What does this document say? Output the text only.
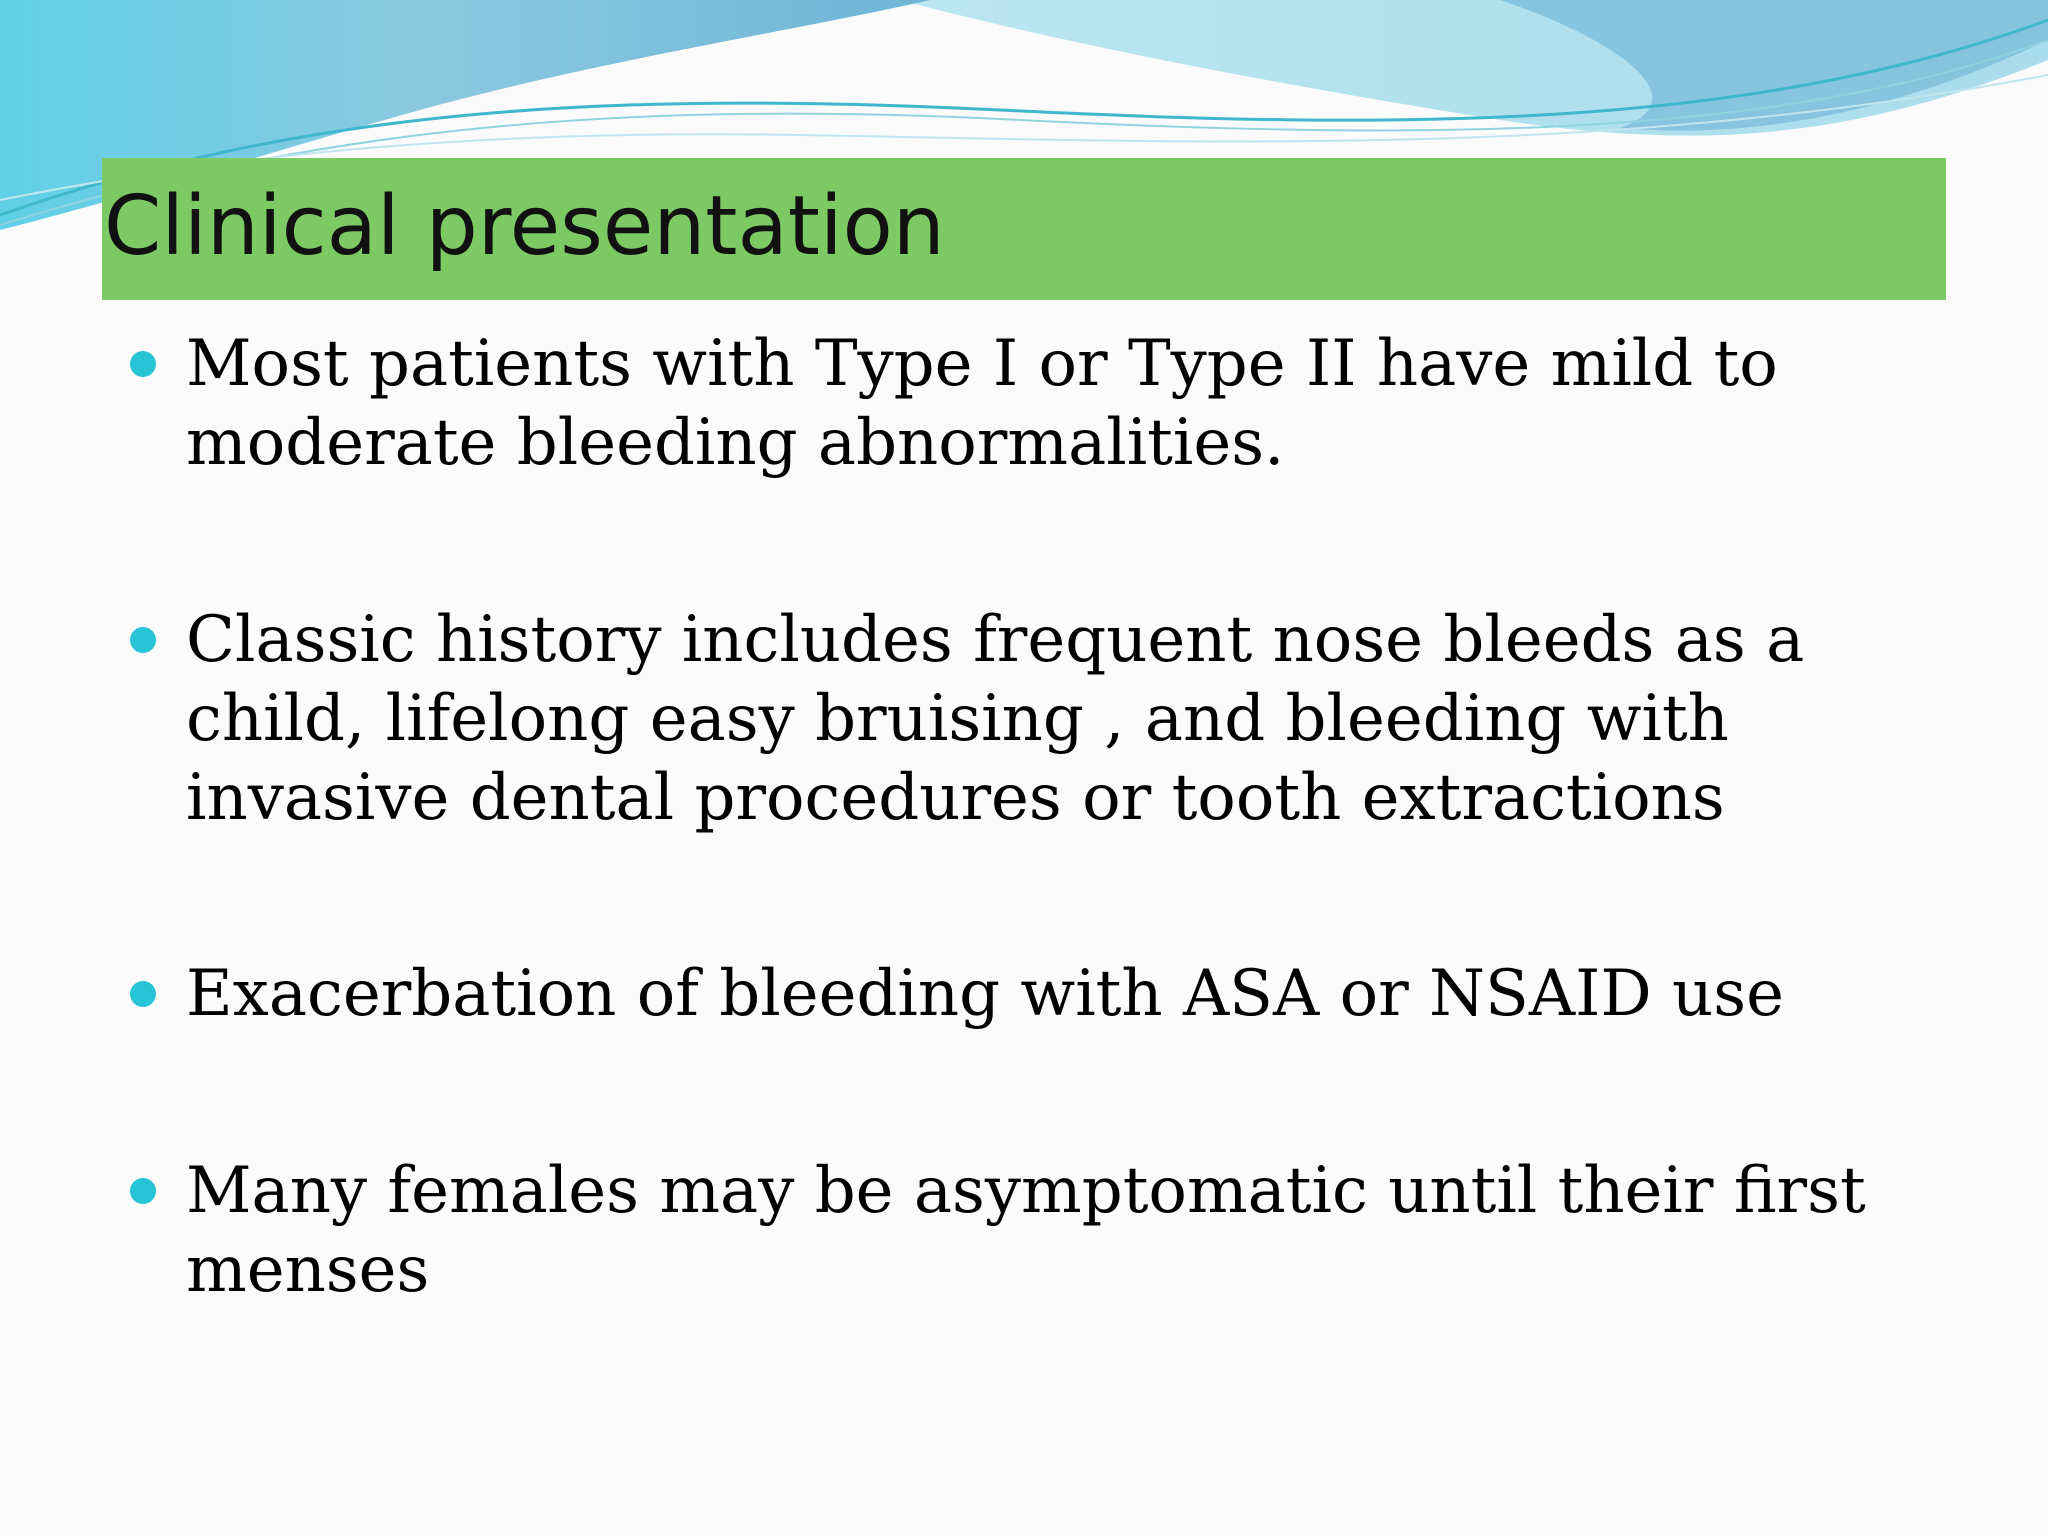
Clinical presentation
Most patients with Type I or Type II have mild to
moderate bleeding abnormalities.
Classic history includes frequent nose bleeds as a
child, lifelong easy bruising , and bleeding with
invasive dental procedures or tooth extractions
Exacerbation of bleeding with ASA or NSAID use
Many females may be asymptomatic until their first
menses
